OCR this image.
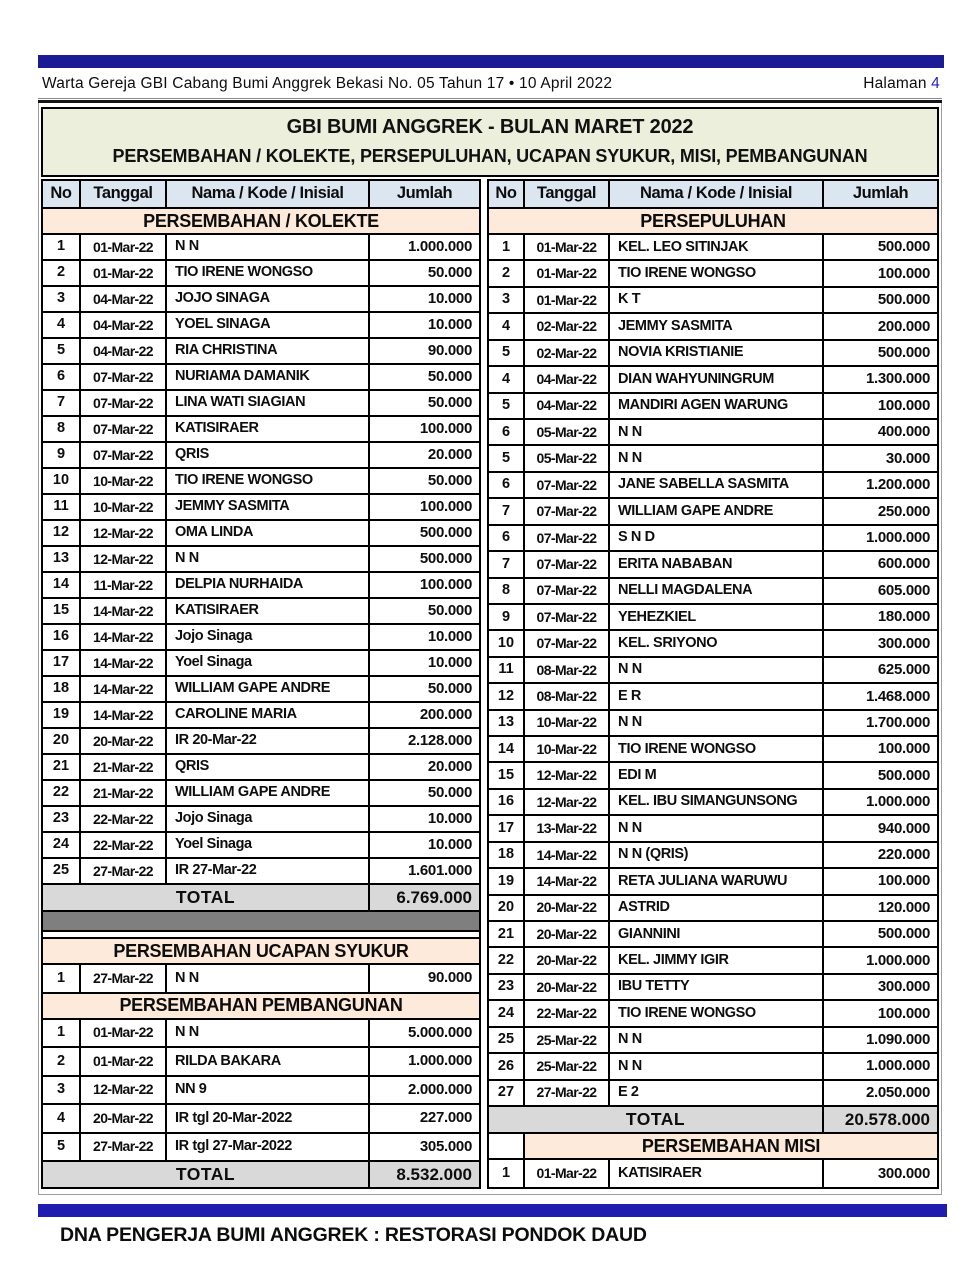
Warta Gereja GBI Cabang Bumi Anggrek Bekasi No. 05 Tahun 17 • 10 April 2022	Halaman 4
GBI BUMI ANGGREK - BULAN MARET 2022
PERSEMBAHAN / KOLEKTE, PERSEPULUHAN, UCAPAN SYUKUR, MISI, PEMBANGUNAN
No	Tanggal	Nama / Kode / Inisial	Jumlah
PERSEMBAHAN / KOLEKTE			
1	01-Mar-22	N N	1.000.000
2	01-Mar-22	TIO IRENE WONGSO	50.000
3	04-Mar-22	JOJO SINAGA	10.000
4	04-Mar-22	YOEL SINAGA	10.000
5	04-Mar-22	RIA CHRISTINA	90.000
6	07-Mar-22	NURIAMA DAMANIK	50.000
7	07-Mar-22	LINA WATI SIAGIAN	50.000
8	07-Mar-22	KATISIRAER	100.000
9	07-Mar-22	QRIS	20.000
10	10-Mar-22	TIO IRENE WONGSO	50.000
11	10-Mar-22	JEMMY SASMITA	100.000
12	12-Mar-22	OMA LINDA	500.000
13	12-Mar-22	N N	500.000
14	11-Mar-22	DELPIA NURHAIDA	100.000
15	14-Mar-22	KATISIRAER	50.000
16	14-Mar-22	Jojo Sinaga	10.000
17	14-Mar-22	Yoel Sinaga	10.000
18	14-Mar-22	WILLIAM GAPE ANDRE	50.000
19	14-Mar-22	CAROLINE MARIA	200.000
20	20-Mar-22	IR 20-Mar-22	2.128.000
21	21-Mar-22	QRIS	20.000
22	21-Mar-22	WILLIAM GAPE ANDRE	50.000
23	22-Mar-22	Jojo Sinaga	10.000
24	22-Mar-22	Yoel Sinaga	10.000
25	27-Mar-22	IR 27-Mar-22	1.601.000
TOTAL			6.769.000

PERSEMBAHAN UCAPAN SYUKUR			
1	27-Mar-22	N N	90.000
PERSEMBAHAN PEMBANGUNAN			
1	01-Mar-22	N N	5.000.000
2	01-Mar-22	RILDA BAKARA	1.000.000
3	12-Mar-22	NN 9	2.000.000
4	20-Mar-22	IR tgl 20-Mar-2022	227.000
5	27-Mar-22	IR tgl 27-Mar-2022	305.000
TOTAL			8.532.000
No	Tanggal	Nama / Kode / Inisial	Jumlah
PERSEPULUHAN			
1	01-Mar-22	KEL. LEO SITINJAK	500.000
2	01-Mar-22	TIO IRENE WONGSO	100.000
3	01-Mar-22	K T	500.000
4	02-Mar-22	JEMMY SASMITA	200.000
5	02-Mar-22	NOVIA KRISTIANIE	500.000
4	04-Mar-22	DIAN WAHYUNINGRUM	1.300.000
5	04-Mar-22	MANDIRI AGEN WARUNG	100.000
6	05-Mar-22	N N	400.000
5	05-Mar-22	N N	30.000
6	07-Mar-22	JANE SABELLA SASMITA	1.200.000
7	07-Mar-22	WILLIAM GAPE ANDRE	250.000
6	07-Mar-22	S N D	1.000.000
7	07-Mar-22	ERITA NABABAN	600.000
8	07-Mar-22	NELLI MAGDALENA	605.000
9	07-Mar-22	YEHEZKIEL	180.000
10	07-Mar-22	KEL. SRIYONO	300.000
11	08-Mar-22	N N	625.000
12	08-Mar-22	E R	1.468.000
13	10-Mar-22	N N	1.700.000
14	10-Mar-22	TIO IRENE WONGSO	100.000
15	12-Mar-22	EDI M	500.000
16	12-Mar-22	KEL. IBU SIMANGUNSONG	1.000.000
17	13-Mar-22	N N	940.000
18	14-Mar-22	N N (QRIS)	220.000
19	14-Mar-22	RETA JULIANA WARUWU	100.000
20	20-Mar-22	ASTRID	120.000
21	20-Mar-22	GIANNINI	500.000
22	20-Mar-22	KEL. JIMMY IGIR	1.000.000
23	20-Mar-22	IBU TETTY	300.000
24	22-Mar-22	TIO IRENE WONGSO	100.000
25	25-Mar-22	N N	1.090.000
26	25-Mar-22	N N	1.000.000
27	27-Mar-22	E 2	2.050.000
TOTAL			20.578.000
	PERSEMBAHAN MISI		
1	01-Mar-22	KATISIRAER	300.000
DNA PENGERJA BUMI ANGGREK : RESTORASI PONDOK DAUD
